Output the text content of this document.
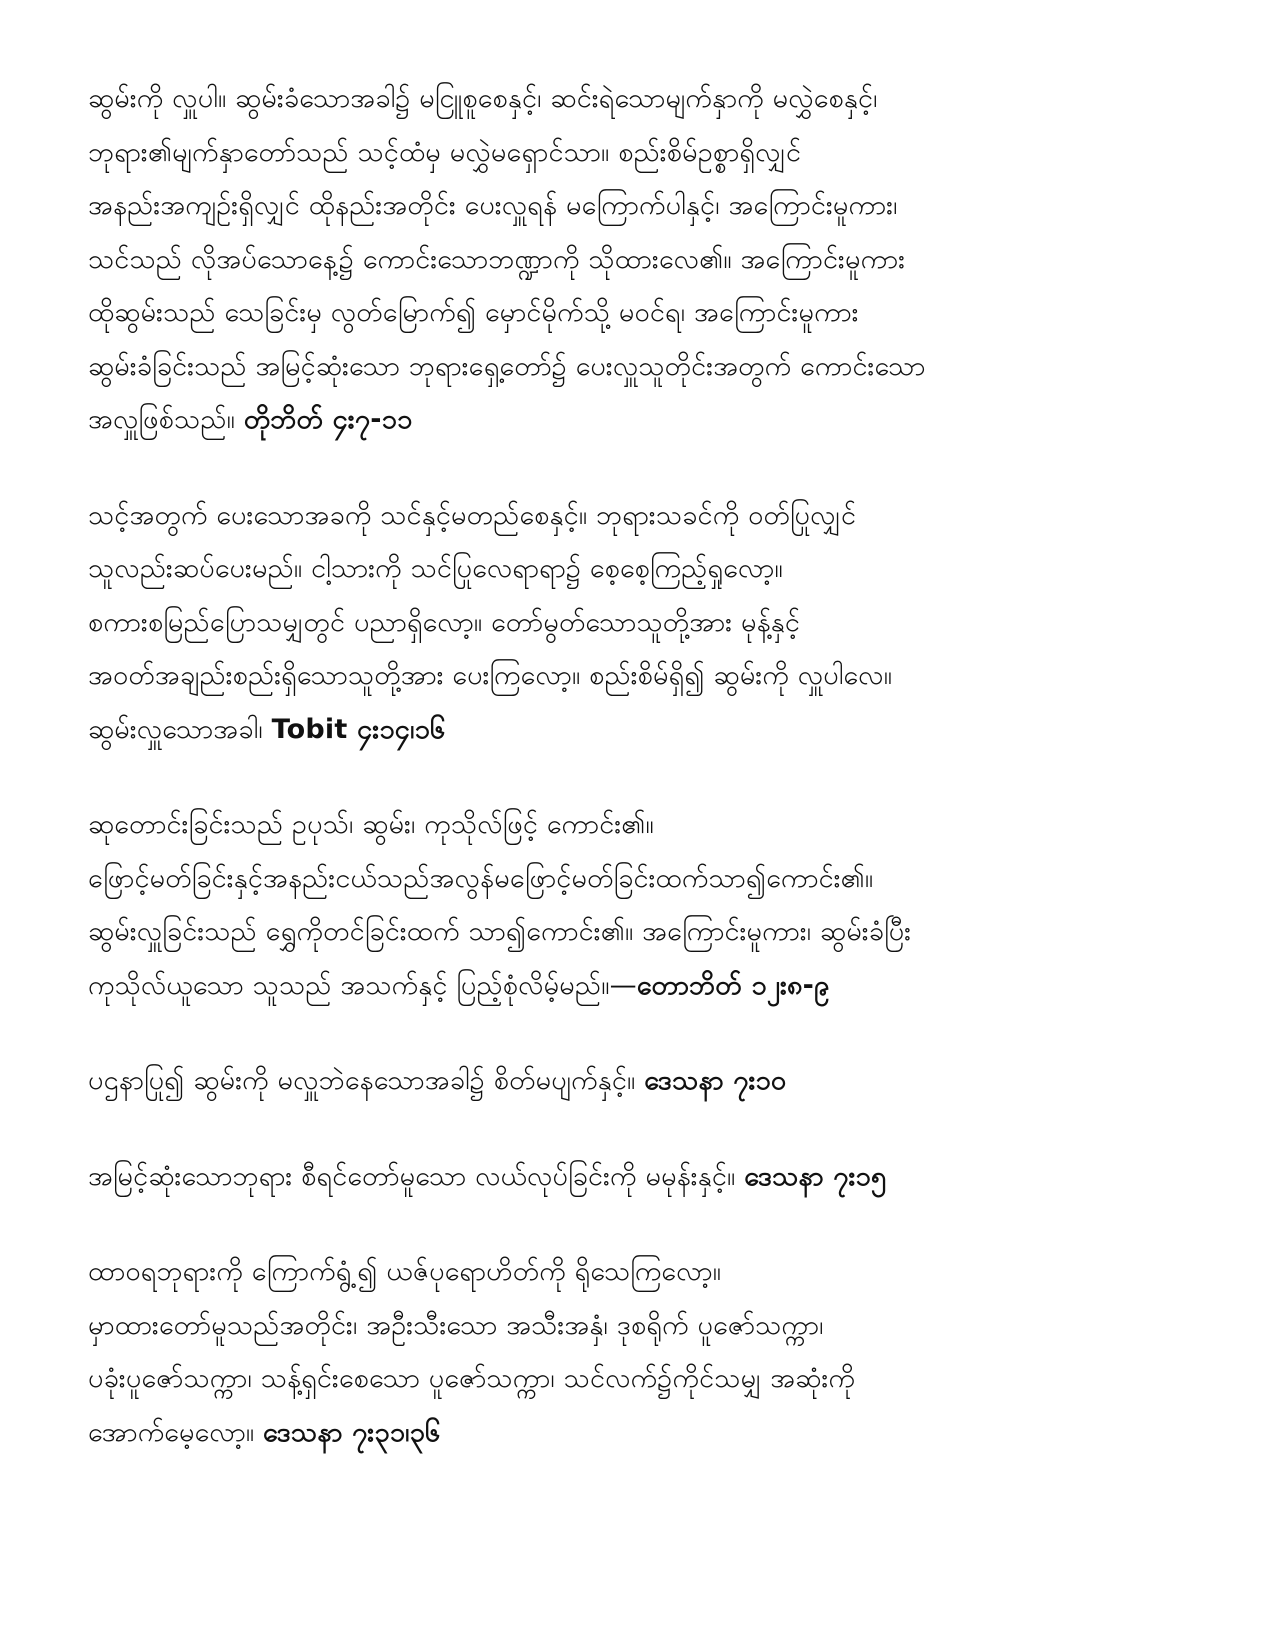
ဆွမ်းကို လှူပါ။ ဆွမ်းခံသောအခါ၌ မငြူစူစေနှင့်၊ ဆင်းရဲသောမျက်နှာကို မလွှဲစေနှင့်၊
ဘုရား၏မျက်နှာတော်သည် သင့်ထံမှ မလွှဲမရှောင်သာ။ စည်းစိမ်ဥစ္စာရှိလျှင်
အနည်းအကျဉ်းရှိလျှင် ထိုနည်းအတိုင်း ပေးလှူရန် မကြောက်ပါနှင့်၊ အကြောင်းမူကား၊
သင်သည် လိုအပ်သောနေ့၌ ကောင်းသောဘဏ္ဍာကို သိုထားလေ၏။ အကြောင်းမူကား
ထိုဆွမ်းသည် သေခြင်းမှ လွတ်မြောက်၍ မှောင်မိုက်သို့ မဝင်ရ၊ အကြောင်းမူကား
ဆွမ်းခံခြင်းသည် အမြင့်ဆုံးသော ဘုရားရှေ့တော်၌ ပေးလှူသူတိုင်းအတွက် ကောင်းသော
အလှူဖြစ်သည်။ တိုဘိတ် ၄း၇-၁၁
သင့်အတွက် ပေးသောအခကို သင်နှင့်မတည်စေနှင့်။ ဘုရားသခင်ကို ဝတ်ပြုလျှင်
သူလည်းဆပ်ပေးမည်။ ငါ့သားကို သင်ပြုလေရာရာ၌ စေ့စေ့ကြည့်ရှုလော့။
စကားစမြည်ပြောသမျှတွင် ပညာရှိလော့။ တော်မွတ်သောသူတို့အား မုန့်နှင့်
အဝတ်အချည်းစည်းရှိသောသူတို့အား ပေးကြလော့။ စည်းစိမ်ရှိ၍ ဆွမ်းကို လှူပါလေ။
ဆွမ်းလှူသောအခါ၊ Tobit ၄း၁၄၊၁၆
ဆုတောင်းခြင်းသည် ဥပုသ်၊ ဆွမ်း၊ ကုသိုလ်ဖြင့် ကောင်း၏။
ဖြောင့်မတ်ခြင်းနှင့်အနည်းငယ်သည်အလွန်မဖြောင့်မတ်ခြင်းထက်သာ၍ကောင်း၏။
ဆွမ်းလှူခြင်းသည် ရွှေကိုတင်ခြင်းထက် သာ၍ကောင်း၏။ အကြောင်းမူကား၊ ဆွမ်းခံပြီး
ကုသိုလ်ယူသော သူသည် အသက်နှင့် ပြည့်စုံလိမ့်မည်။—တောဘိတ် ၁၂း၈-၉
ပဌနာပြု၍ ဆွမ်းကို မလှူဘဲနေသောအခါ၌ စိတ်မပျက်နှင့်။ ဒေသနာ ၇း၁၀
အမြင့်ဆုံးသောဘုရား စီရင်တော်မူသော လယ်လုပ်ခြင်းကို မမုန်းနှင့်။ ဒေသနာ ၇း၁၅
ထာဝရဘုရားကို ကြောက်ရွံ့၍ ယဇ်ပုရောဟိတ်ကို ရိုသေကြလော့။
မှာထားတော်မူသည်အတိုင်း၊ အဦးသီးသော အသီးအနှံ၊ ဒုစရိုက် ပူဇော်သက္ကာ၊
ပခုံးပူဇော်သက္ကာ၊ သန့်ရှင်းစေသော ပူဇော်သက္ကာ၊ သင်လက်၌ကိုင်သမျှ အဆုံးကို
အောက်မေ့လော့။ ဒေသနာ ၇း၃၁၊၃၆
